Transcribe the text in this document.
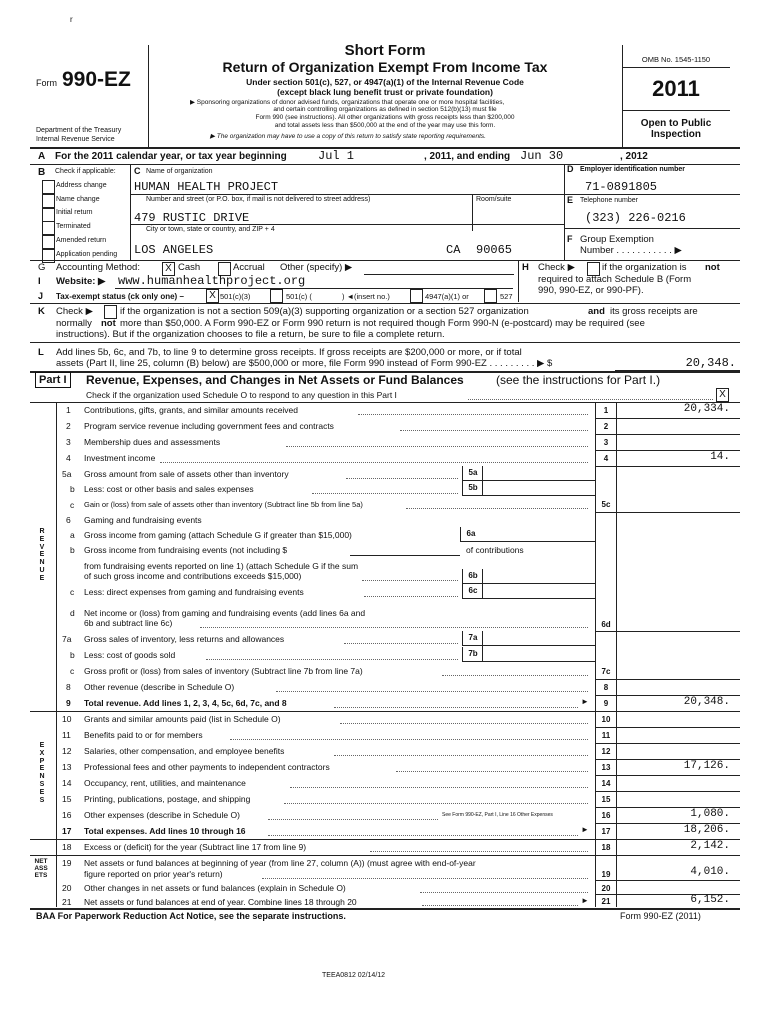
r
Form 990-EZ
Department of the Treasury
Internal Revenue Service
Short Form
Return of Organization Exempt From Income Tax
Under section 501(c), 527, or 4947(a)(1) of the Internal Revenue Code
(except black lung benefit trust or private foundation)
▶ Sponsoring organizations of donor advised funds, organizations that operate one or more hospital facilities,
and certain controlling organizations as defined in section 512(b)(13) must file
Form 990 (see instructions). All other organizations with gross receipts less than $200,000
and total assets less than $500,000 at the end of the year may use this form.
▶ The organization may have to use a copy of this return to satisfy state reporting requirements.
OMB No. 1545-1150
2011
Open to Public
Inspection
A For the 2011 calendar year, or tax year beginning	Jul 1	, 2011, and ending Jun 30	, 2012
B Check if applicable:
Address change
Name change
Initial return
Terminated
Amended return
Application pending
C Name of organization
HUMAN HEALTH PROJECT
Number and street (or P.O. box, if mail is not delivered to street address)	Room/suite
479 RUSTIC DRIVE
City or town, state or country, and ZIP + 4
LOS ANGELES	CA 90065
D Employer identification number
71-0891805
E Telephone number
(323) 226-0216
F Group Exemption
Number . . . . . . . . . . . ▶
G Accounting Method:	X Cash	Accrual Other (specify) ▶	H Check ▶	if the organization is not
required to attach Schedule B (Form
990, 990-EZ, or 990-PF).
I Website: ▶ www.humanhealthproject.org
J Tax-exempt status (ck only one) –	X 501(c)(3)	501(c) (	) ◄(insert no.)	4947(a)(1) or	527
K Check ▶	if the organization is not a section 509(a)(3) supporting organization or a section 527 organization	and its gross receipts are
normally not more than $50,000. A Form 990-EZ or Form 990 return is not required though Form 990-N (e-postcard) may be required (see
instructions). But if the organization chooses to file a return, be sure to file a complete return.
L Add lines 5b, 6c, and 7b, to line 9 to determine gross receipts. If gross receipts are $200,000 or more, or if total
assets (Part II, line 25, column (B) below) are $500,000 or more, file Form 990 instead of Form 990-EZ . . . . . . . . . ▶ $	20,348.
Part I	Revenue, Expenses, and Changes in Net Assets or Fund Balances	(see the instructions for Part I.)
Check if the organization used Schedule O to respond to any question in this Part I	X
REVENUE
EXPENSES
NET ASSETS
1 Contributions, gifts, grants, and similar amounts received	1	20,334.
2 Program service revenue including government fees and contracts	2
3 Membership dues and assessments	3
4 Investment income	4	14.
5a Gross amount from sale of assets other than inventory	5a
b Less: cost or other basis and sales expenses	5b
c Gain or (loss) from sale of assets other than inventory (Subtract line 5b from line 5a)	5c
6 Gaming and fundraising events
a Gross income from gaming (attach Schedule G if greater than $15,000)	6a
b Gross income from fundraising events (not including $	of contributions
from fundraising events reported on line 1) (attach Schedule G if the sum
of such gross income and contributions exceeds $15,000)	6b
c Less: direct expenses from gaming and fundraising events	6c
d Net income or (loss) from gaming and fundraising events (add lines 6a and
6b and subtract line 6c)	6d
7a Gross sales of inventory, less returns and allowances	7a
b Less: cost of goods sold	7b
c Gross profit or (loss) from sales of inventory (Subtract line 7b from line 7a)	7c
8 Other revenue (describe in Schedule O)	8
9 Total revenue. Add lines 1, 2, 3, 4, 5c, 6d, 7c, and 8	9	20,348.
10 Grants and similar amounts paid (list in Schedule O)	10
11 Benefits paid to or for members	11
12 Salaries, other compensation, and employee benefits	12
13 Professional fees and other payments to independent contractors	13	17,126.
14 Occupancy, rent, utilities, and maintenance	14
15 Printing, publications, postage, and shipping	15
16 Other expenses (describe in Schedule O)	See Form 990-EZ, Part I, Line 16 Other Expenses	16	1,080.
17 Total expenses. Add lines 10 through 16	17	18,206.
18 Excess or (deficit) for the year (Subtract line 17 from line 9)	18	2,142.
19 Net assets or fund balances at beginning of year (from line 27, column (A)) (must agree with end-of-year
figure reported on prior year's return)	19	4,010.
20 Other changes in net assets or fund balances (explain in Schedule O)	20
21 Net assets or fund balances at end of year. Combine lines 18 through 20	21	6,152.
►
►
►
BAA For Paperwork Reduction Act Notice, see the separate instructions.	Form 990-EZ (2011)
TEEA0812 02/14/12
